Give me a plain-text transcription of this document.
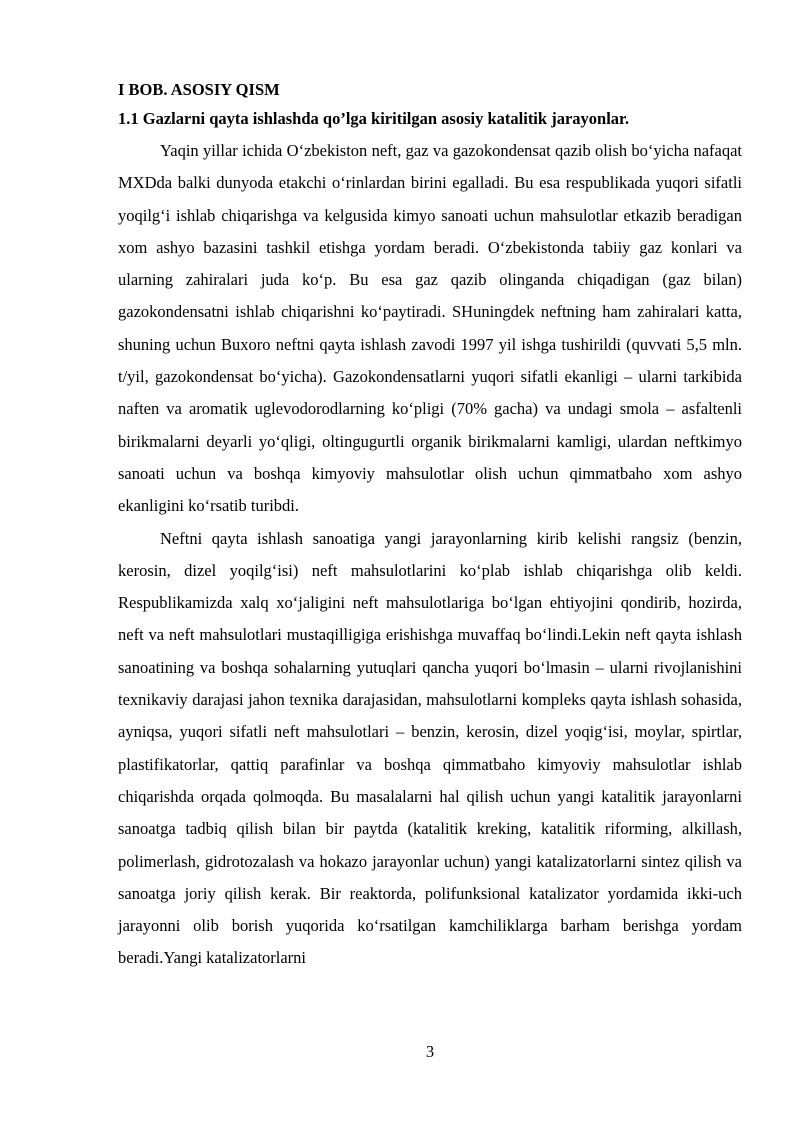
I BOB. ASOSIY QISM

1.1 Gazlarni qayta ishlashda qo’lga kiritilgan asosiy katalitik jarayonlar.

Yaqin yillar ichida O‘zbekiston neft, gaz va gazokondensat qazib olish bo‘yicha nafaqat MXDda balki dunyoda etakchi o‘rinlardan birini egalladi. Bu esa respublikada yuqori sifatli yoqilg‘i ishlab chiqarishga va kelgusida kimyo sanoati uchun mahsulotlar etkazib beradigan xom ashyo bazasini tashkil etishga yordam beradi. O‘zbekistonda tabiiy gaz konlari va ularning zahiralari juda ko‘p. Bu esa gaz qazib olinganda chiqadigan (gaz bilan) gazokondensatni ishlab chiqarishni ko‘paytiradi. SHuningdek neftning ham zahiralari katta, shuning uchun Buxoro neftni qayta ishlash zavodi 1997 yil ishga tushirildi (quvvati 5,5 mln. t/yil, gazokondensat bo‘yicha). Gazokondensatlarni yuqori sifatli ekanligi – ularni tarkibida naften va aromatik uglevodorodlarning ko‘pligi (70% gacha) va undagi smola – asfaltenli birikmalarni deyarli yo‘qligi, oltingugurtli organik birikmalarni kamligi, ulardan neftkimyo sanoati uchun va boshqa kimyoviy mahsulotlar olish uchun qimmatbaho xom ashyo ekanligini ko‘rsatib turibdi.

Neftni qayta ishlash sanoatiga yangi jarayonlarning kirib kelishi rangsiz (benzin, kerosin, dizel yoqilg‘isi) neft mahsulotlarini ko‘plab ishlab chiqarishga olib keldi. Respublikamizda xalq xo‘jaligini neft mahsulotlariga bo‘lgan ehtiyojini qondirib, hozirda, neft va neft mahsulotlari mustaqilligiga erishishga muvaffaq bo‘lindi.Lekin neft qayta ishlash sanoatining va boshqa sohalarning yutuqlari qancha yuqori bo‘lmasin – ularni rivojlanishini texnikaviy darajasi jahon texnika darajasidan, mahsulotlarni kompleks qayta ishlash sohasida, ayniqsa, yuqori sifatli neft mahsulotlari – benzin, kerosin, dizel yoqig‘isi, moylar, spirtlar, plastifikatorlar, qattiq parafinlar va boshqa qimmatbaho kimyoviy mahsulotlar ishlab chiqarishda orqada qolmoqda. Bu masalalarni hal qilish uchun yangi katalitik jarayonlarni sanoatga tadbiq qilish bilan bir paytda (katalitik kreking, katalitik riforming, alkillash, polimerlash, gidrotozalash va hokazo jarayonlar uchun) yangi katalizatorlarni sintez qilish va sanoatga joriy qilish kerak. Bir reaktorda, polifunksional katalizator yordamida ikki-uch jarayonni olib borish yuqorida ko‘rsatilgan kamchiliklarga barham berishga yordam beradi.Yangi katalizatorlarni

3
